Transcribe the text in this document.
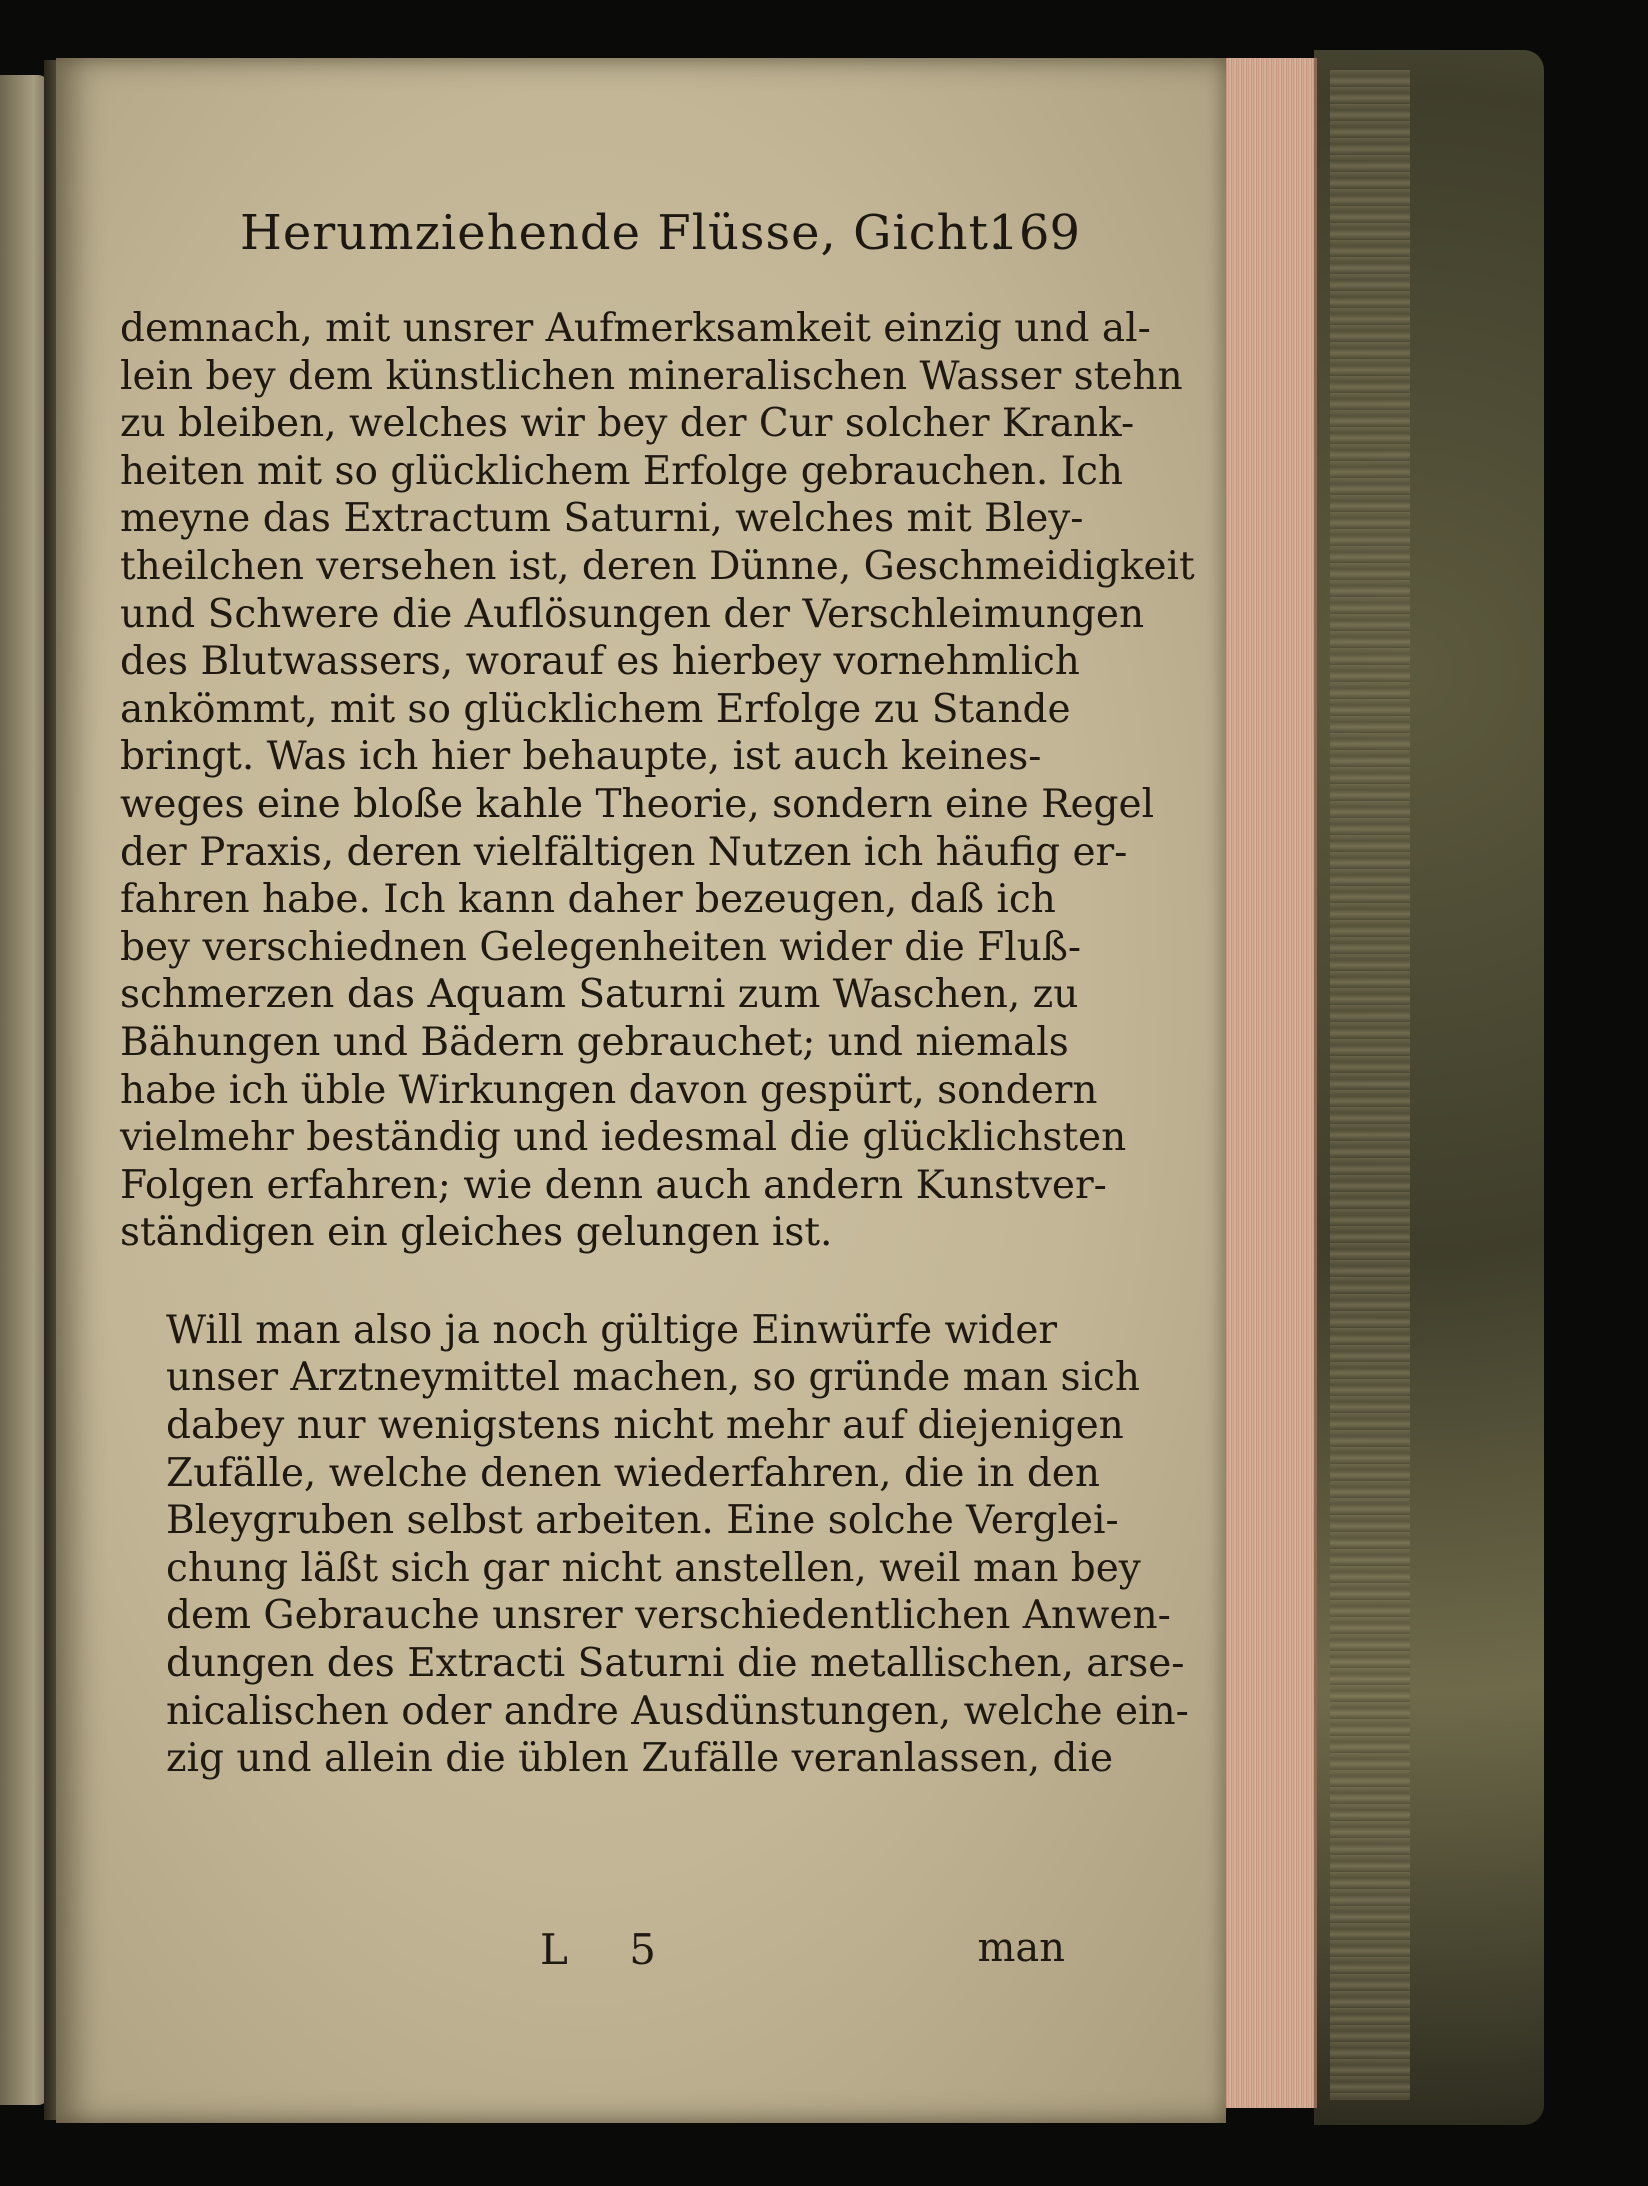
Herumziehende Flüsse, Gicht.
169
demnach, mit unsrer Aufmerksamkeit einzig und al-
lein bey dem künstlichen mineralischen Wasser stehn
zu bleiben, welches wir bey der Cur solcher Krank-
heiten mit so glücklichem Erfolge gebrauchen. Ich
meyne das Extractum Saturni, welches mit Bley-
theilchen versehen ist, deren Dünne, Geschmeidigkeit
und Schwere die Auflösungen der Verschleimungen
des Blutwassers, worauf es hierbey vornehmlich
ankömmt, mit so glücklichem Erfolge zu Stande
bringt. Was ich hier behaupte, ist auch keines-
weges eine bloße kahle Theorie, sondern eine Regel
der Praxis, deren vielfältigen Nutzen ich häufig er-
fahren habe. Ich kann daher bezeugen, daß ich
bey verschiednen Gelegenheiten wider die Fluß-
schmerzen das Aquam Saturni zum Waschen, zu
Bähungen und Bädern gebrauchet; und niemals
habe ich üble Wirkungen davon gespürt, sondern
vielmehr beständig und iedesmal die glücklichsten
Folgen erfahren; wie denn auch andern Kunstver-
ständigen ein gleiches gelungen ist.
Will man also ja noch gültige Einwürfe wider
unser Arztneymittel machen, so gründe man sich
dabey nur wenigstens nicht mehr auf diejenigen
Zufälle, welche denen wiederfahren, die in den
Bleygruben selbst arbeiten. Eine solche Verglei-
chung läßt sich gar nicht anstellen, weil man bey
dem Gebrauche unsrer verschiedentlichen Anwen-
dungen des Extracti Saturni die metallischen, arse-
nicalischen oder andre Ausdünstungen, welche ein-
zig und allein die üblen Zufälle veranlassen, die
L 5	man
